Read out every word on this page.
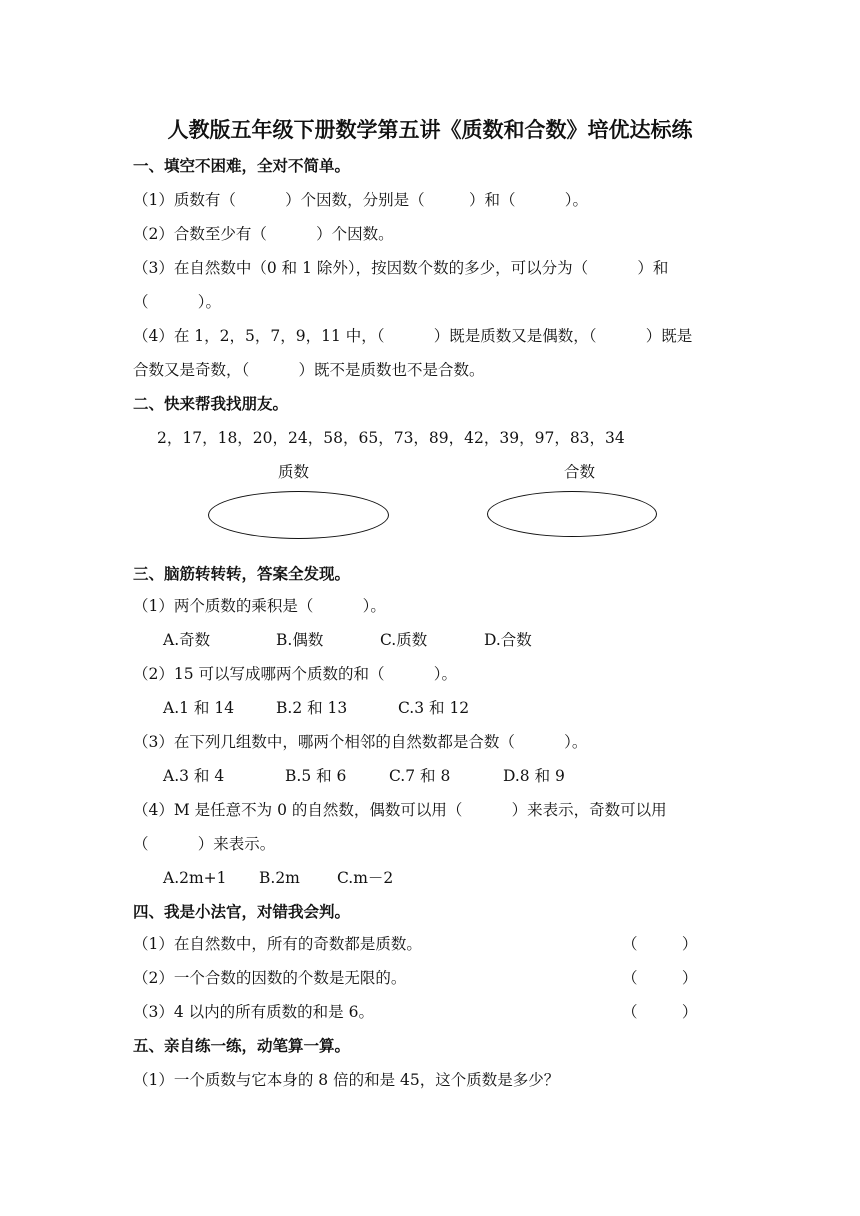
人教版五年级下册数学第五讲《质数和合数》培优达标练
一、填空不困难，全对不简单。
（1）质数有（          ）个因数，分别是（         ）和（          ）。
（2）合数至少有（          ）个因数。
（3）在自然数中（0 和 1 除外），按因数个数的多少，可以分为（          ）和
（          ）。
（4）在 1，2，5，7，9，11 中，（          ）既是质数又是偶数，（          ）既是
合数又是奇数，（          ）既不是质数也不是合数。
二、快来帮我找朋友。
2，17，18，20，24，58，65，73，89，42，39，97，83，34
质数	合数
三、脑筋转转转，答案全发现。
（1）两个质数的乘积是（          ）。
A.奇数	B.偶数	C.质数	D.合数
（2）15 可以写成哪两个质数的和（          ）。
A.1 和 14	B.2 和 13	C.3 和 12
（3）在下列几组数中，哪两个相邻的自然数都是合数（          ）。
A.3 和 4	B.5 和 6	C.7 和 8	D.8 和 9
（4）M 是任意不为 0 的自然数，偶数可以用（          ）来表示，奇数可以用
（          ）来表示。
A.2m+1 B.2m C.m－2
四、我是小法官，对错我会判。
（1）在自然数中，所有的奇数都是质数。	（         ）
（2）一个合数的因数的个数是无限的。	（         ）
（3）4 以内的所有质数的和是 6。	（         ）
五、亲自练一练，动笔算一算。
（1）一个质数与它本身的 8 倍的和是 45，这个质数是多少？
